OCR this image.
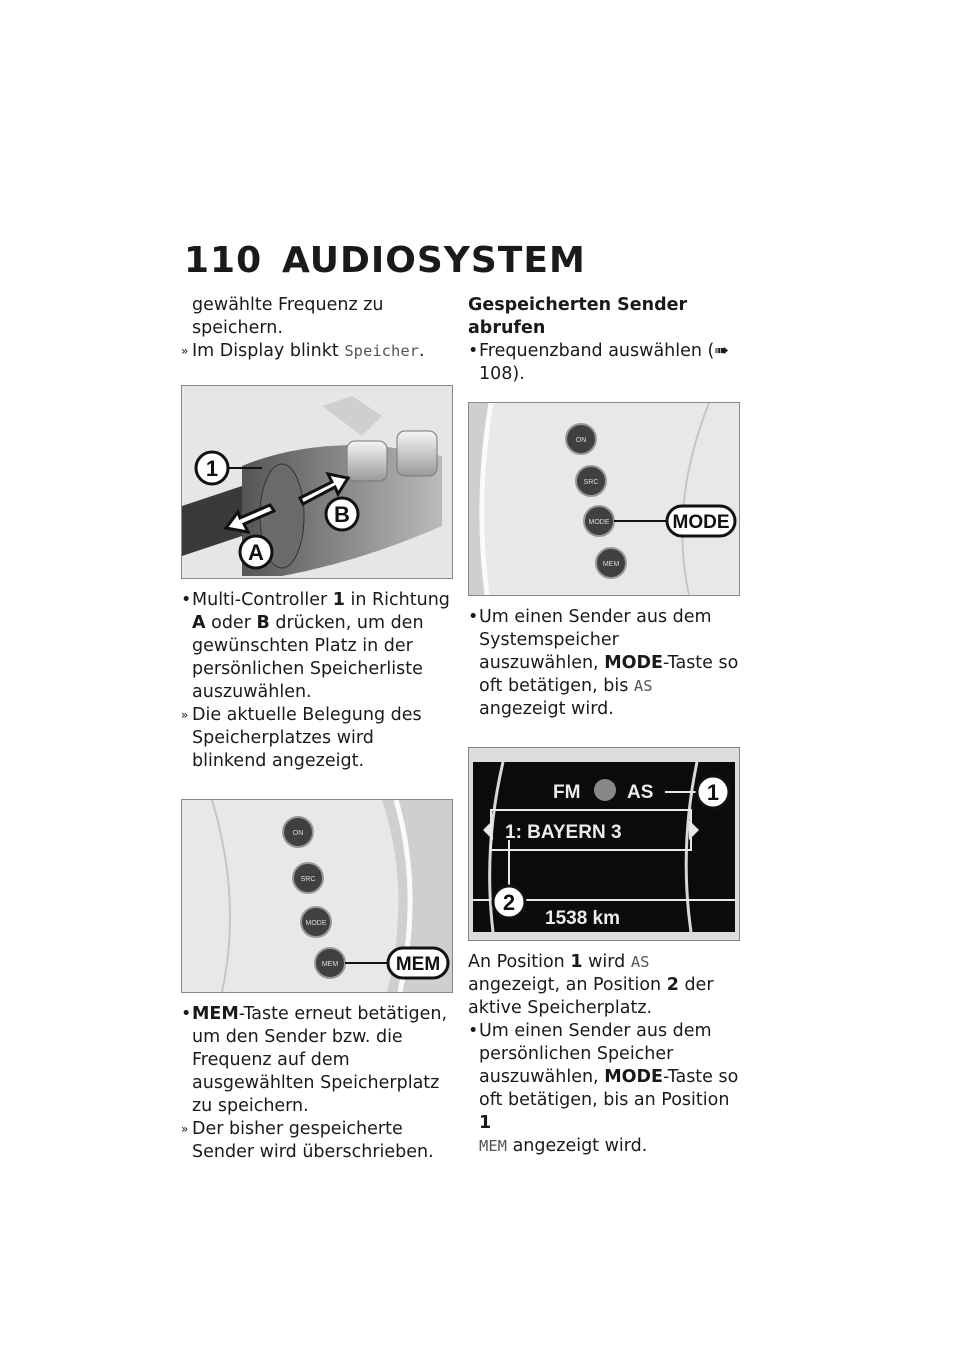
110 AUDIOSYSTEM

gewählte Frequenz zu speichern.

» Im Display blinkt Speicher.

1
A
B

• Multi-Controller 1 in Richtung A oder B drücken, um den gewünschten Platz in der persönlichen Speicherliste auszuwählen.

» Die aktuelle Belegung des Speicherplatzes wird blinkend angezeigt.

ON
SRC
MODE
MEM	MEM

• MEM-Taste erneut betätigen, um den Sender bzw. die Frequenz auf dem ausgewählten Speicherplatz zu speichern.

» Der bisher gespeicherte Sender wird überschrieben.

Gespeicherten Sender abrufen

• Frequenzband auswählen (➠ 108).

ON
SRC
MODE
MEM
MODE

• Um einen Sender aus dem Systemspeicher auszuwählen, MODE-Taste so oft betätigen, bis AS angezeigt wird.

FM AS
1: BAYERN 3
1538 km
1
2

An Position 1 wird AS angezeigt, an Position 2 der aktive Speicherplatz.

• Um einen Sender aus dem persönlichen Speicher auszuwählen, MODE-Taste so oft betätigen, bis an Position 1
MEM angezeigt wird.
